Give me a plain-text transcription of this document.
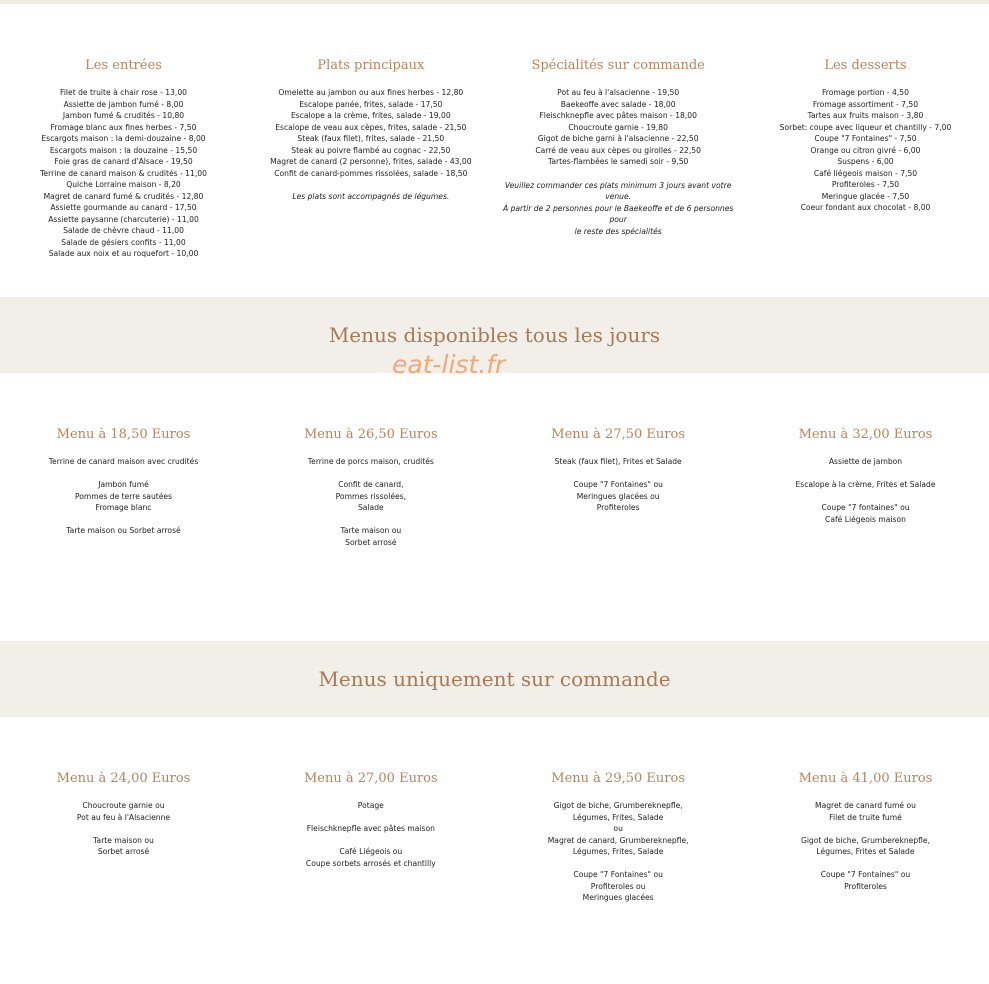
Les entrées
Filet de truite à chair rose - 13,00
Assiette de jambon fumé - 8,00
Jambon fumé & crudités - 10,80
Fromage blanc aux fines herbes - 7,50
Escargots maison : la demi-douzaine - 8,00
Escargots maison : la douzaine - 15,50
Foie gras de canard d'Alsace - 19,50
Terrine de canard maison & crudités - 11,00
Quiche Lorraine maison - 8,20
Magret de canard fumé & crudités - 12,80
Assiette gourmande au canard - 17,50
Assiette paysanne (charcuterie) - 11,00
Salade de chèvre chaud - 11,00
Salade de gésiers confits - 11,00
Salade aux noix et au roquefort - 10,00
Plats principaux
Omelette au jambon ou aux fines herbes - 12,80
Escalope panée, frites, salade - 17,50
Escalope a la crème, frites, salade - 19,00
Escalope de veau aux cèpes, frites, salade - 21,50
Steak (faux filet), frites, salade - 21,50
Steak au poivre flambé au cognac - 22,50
Magret de canard (2 personne), frites, salade - 43,00
Confit de canard-pommes rissolées, salade - 18,50
Les plats sont accompagnés de légumes.
Spécialités sur commande
Pot au feu à l'alsacienne - 19,50
Baekeoffe avec salade - 18,00
Fleischknepfle avec pâtes maison - 18,00
Choucroute garnie - 19,80
Gigot de biche garni à l'alsacienne - 22,50
Carré de veau aux cèpes ou girolles - 22,50
Tartes-flambées le samedi soir - 9,50
Veuillez commander ces plats minimum 3 jours avant votre venue.
À partir de 2 personnes pour le Baekeoffe et de 6 personnes pour
le reste des spécialités
Les desserts
Fromage portion - 4,50
Fromage assortiment - 7,50
Tartes aux fruits maison - 3,80
Sorbet: coupe avec liqueur et chantilly - 7,00
Coupe "7 Fontaines" - 7,50
Orange ou citron givré - 6,00
Suspens - 6,00
Café liégeois maison - 7,50
Profiteroles - 7,50
Meringue glacée - 7,50
Coeur fondant aux chocolat - 8,00
Menus disponibles tous les jours
eat-list.fr
Menu à 18,50 Euros
Terrine de canard maison avec crudités
Jambon fumé
Pommes de terre sautées
Fromage blanc
Tarte maison ou Sorbet arrosé
Menu à 26,50 Euros
Terrine de porcs maison, crudités
Confit de canard,
Pommes rissolées,
Salade
Tarte maison ou
Sorbet arrosé
Menu à 27,50 Euros
Steak (faux filet), Frites et Salade
Coupe "7 Fontaines" ou
Meringues glacées ou
Profiteroles
Menu à 32,00 Euros
Assiette de jambon
Escalope à la crème, Frites et Salade
Coupe "7 fontaines" ou
Café Liégeois maison
Menus uniquement sur commande
Menu à 24,00 Euros
Choucroute garnie ou
Pot au feu à l'Alsacienne
Tarte maison ou
Sorbet arrosé
Menu à 27,00 Euros
Potage
Fleischknepfle avec pâtes maison
Café Liégeois ou
Coupe sorbets arrosés et chantilly
Menu à 29,50 Euros
Gigot de biche, Grumbereknepfle,
Légumes, Frites, Salade
ou
Magret de canard, Grumbereknepfle,
Légumes, Frites, Salade
Coupe "7 Fontaines" ou
Profiteroles ou
Meringues glacées
Menu à 41,00 Euros
Magret de canard fumé ou
Filet de truite fumé
Gigot de biche, Grumbereknepfle,
Légumes, Frites et Salade
Coupe "7 Fontaines" ou
Profiteroles
